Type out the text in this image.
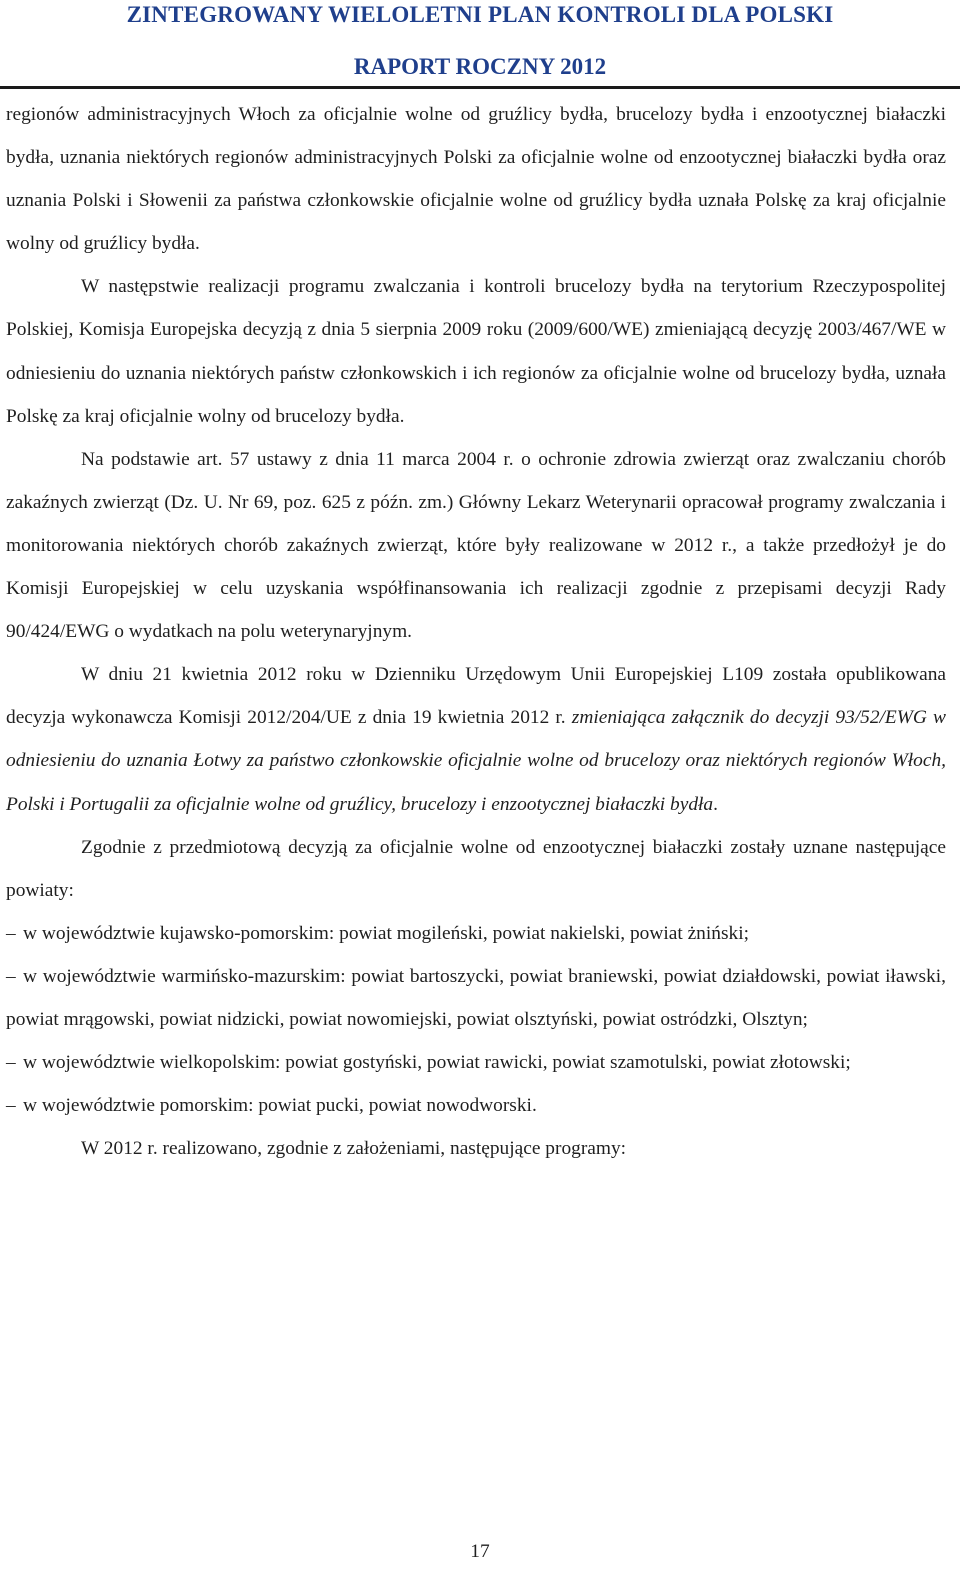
ZINTEGROWANY WIELOLETNI PLAN KONTROLI DLA POLSKI
RAPORT ROCZNY 2012

regionów administracyjnych Włoch za oficjalnie wolne od gruźlicy bydła, brucelozy bydła i enzootycznej białaczki bydła, uznania niektórych regionów administracyjnych Polski za oficjalnie wolne od enzootycznej białaczki bydła oraz uznania Polski i Słowenii za państwa członkowskie oficjalnie wolne od gruźlicy bydła uznała Polskę za kraj oficjalnie wolny od gruźlicy bydła.

W następstwie realizacji programu zwalczania i kontroli brucelozy bydła na terytorium Rzeczypospolitej Polskiej, Komisja Europejska decyzją z dnia 5 sierpnia 2009 roku (2009/600/WE) zmieniającą decyzję 2003/467/WE w odniesieniu do uznania niektórych państw członkowskich i ich regionów za oficjalnie wolne od brucelozy bydła, uznała Polskę za kraj oficjalnie wolny od brucelozy bydła.

Na podstawie art. 57 ustawy z dnia 11 marca 2004 r. o ochronie zdrowia zwierząt oraz zwalczaniu chorób zakaźnych zwierząt (Dz. U. Nr 69, poz. 625 z późn. zm.) Główny Lekarz Weterynarii opracował programy zwalczania i monitorowania niektórych chorób zakaźnych zwierząt, które były realizowane w 2012 r., a także przedłożył je do Komisji Europejskiej w celu uzyskania współfinansowania ich realizacji zgodnie z przepisami decyzji Rady 90/424/EWG o wydatkach na polu weterynaryjnym.

W dniu 21 kwietnia 2012 roku w Dzienniku Urzędowym Unii Europejskiej L109 została opublikowana decyzja wykonawcza Komisji 2012/204/UE z dnia 19 kwietnia 2012 r. zmieniająca załącznik do decyzji 93/52/EWG w odniesieniu do uznania Łotwy za państwo członkowskie oficjalnie wolne od brucelozy oraz niektórych regionów Włoch, Polski i Portugalii za oficjalnie wolne od gruźlicy, brucelozy i enzootycznej białaczki bydła.

Zgodnie z przedmiotową decyzją za oficjalnie wolne od enzootycznej białaczki zostały uznane następujące powiaty:

– w województwie kujawsko-pomorskim: powiat mogileński, powiat nakielski, powiat żniński;

– w województwie warmińsko-mazurskim: powiat bartoszycki, powiat braniewski, powiat działdowski, powiat iławski, powiat mrągowski, powiat nidzicki, powiat nowomiejski, powiat olsztyński, powiat ostródzki, Olsztyn;

– w województwie wielkopolskim: powiat gostyński, powiat rawicki, powiat szamotulski, powiat złotowski;

– w województwie pomorskim: powiat pucki, powiat nowodworski.

W 2012 r. realizowano, zgodnie z założeniami, następujące programy:

17
